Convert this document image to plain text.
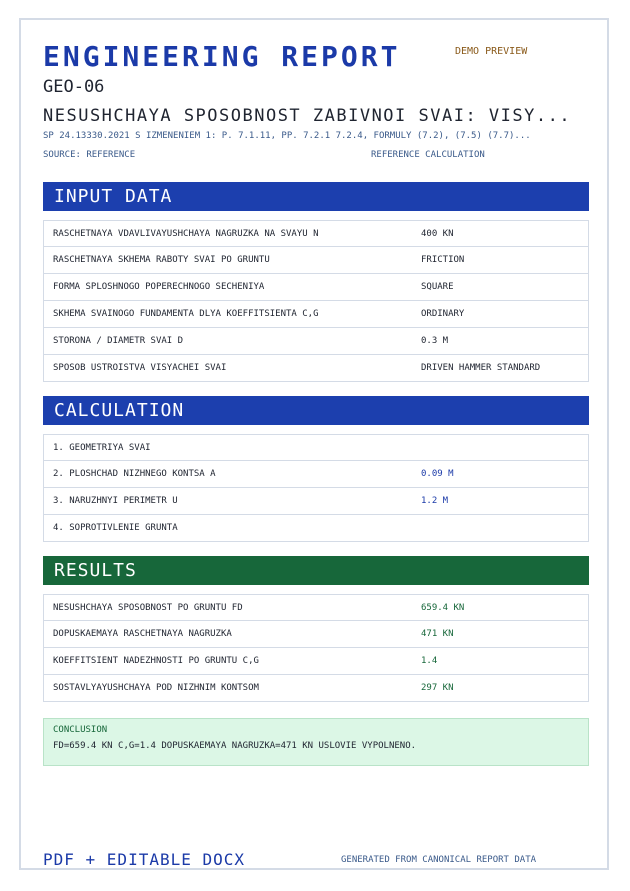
ENGINEERING REPORT	DEMO PREVIEW
GEO-06
NESUSHCHAYA SPOSOBNOST ZABIVNOI SVAI: VISY...
SP 24.13330.2021 S IZMENENIEM 1: P. 7.1.11, PP. 7.2.1 7.2.4, FORMULY (7.2), (7.5) (7.7)...
SOURCE: REFERENCE	REFERENCE CALCULATION
INPUT DATA
RASCHETNAYA VDAVLIVAYUSHCHAYA NAGRUZKA NA SVAYU N	400 KN
RASCHETNAYA SKHEMA RABOTY SVAI PO GRUNTU	FRICTION
FORMA SPLOSHNOGO POPERECHNOGO SECHENIYA	SQUARE
SKHEMA SVAINOGO FUNDAMENTA DLYA KOEFFITSIENTA C,G	ORDINARY
STORONA / DIAMETR SVAI D	0.3 M
SPOSOB USTROISTVA VISYACHEI SVAI	DRIVEN HAMMER STANDARD
CALCULATION
1. GEOMETRIYA SVAI
2. PLOSHCHAD NIZHNEGO KONTSA A	0.09 M
3. NARUZHNYI PERIMETR U	1.2 M
4. SOPROTIVLENIE GRUNTA
RESULTS
NESUSHCHAYA SPOSOBNOST PO GRUNTU FD	659.4 KN
DOPUSKAEMAYA RASCHETNAYA NAGRUZKA	471 KN
KOEFFITSIENT NADEZHNOSTI PO GRUNTU C,G	1.4
SOSTAVLYAYUSHCHAYA POD NIZHNIM KONTSOM	297 KN
CONCLUSION
FD=659.4 KN C,G=1.4 DOPUSKAEMAYA NAGRUZKA=471 KN USLOVIE VYPOLNENO.
PDF + EDITABLE DOCX	GENERATED FROM CANONICAL REPORT DATA
